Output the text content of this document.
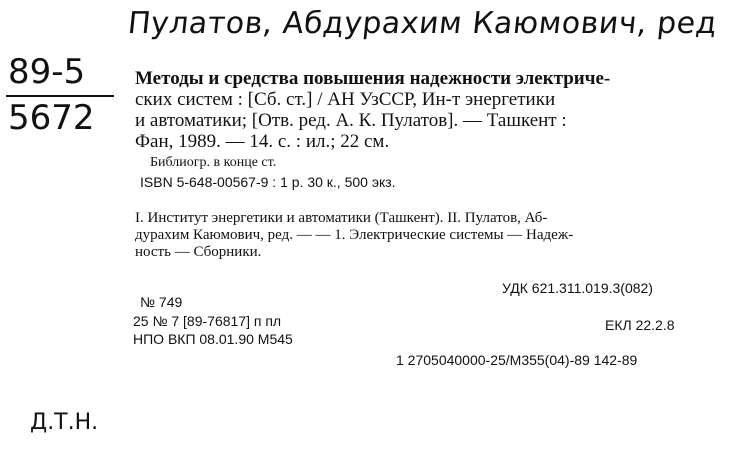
Пулатов, Абдурахим Каюмович, ред
89-5
5672
Методы и средства повышения надежности электриче-
ских систем : [Сб. ст.] / АН УзССР, Ин-т энергетики
и автоматики; [Отв. ред. А. К. Пулатов]. — Ташкент :
Фан, 1989. — 14. с. : ил.; 22 см.
Библиогр. в конце ст.
ISBN 5-648-00567-9 : 1 р. 30 к., 500 экз.
I. Институт энергетики и автоматики (Ташкент). II. Пулатов, Аб-
дурахим Каюмович, ред. — — 1. Электрические системы — Надеж-
ность — Сборники.
УДК 621.311.019.3(082)
ЕКЛ 22.2.8
1 2705040000-25/М355(04)-89 142-89
№ 749
25 № 7 [89-76817] п пл
НПО ВКП 08.01.90 М545
Д.Т.Н.
